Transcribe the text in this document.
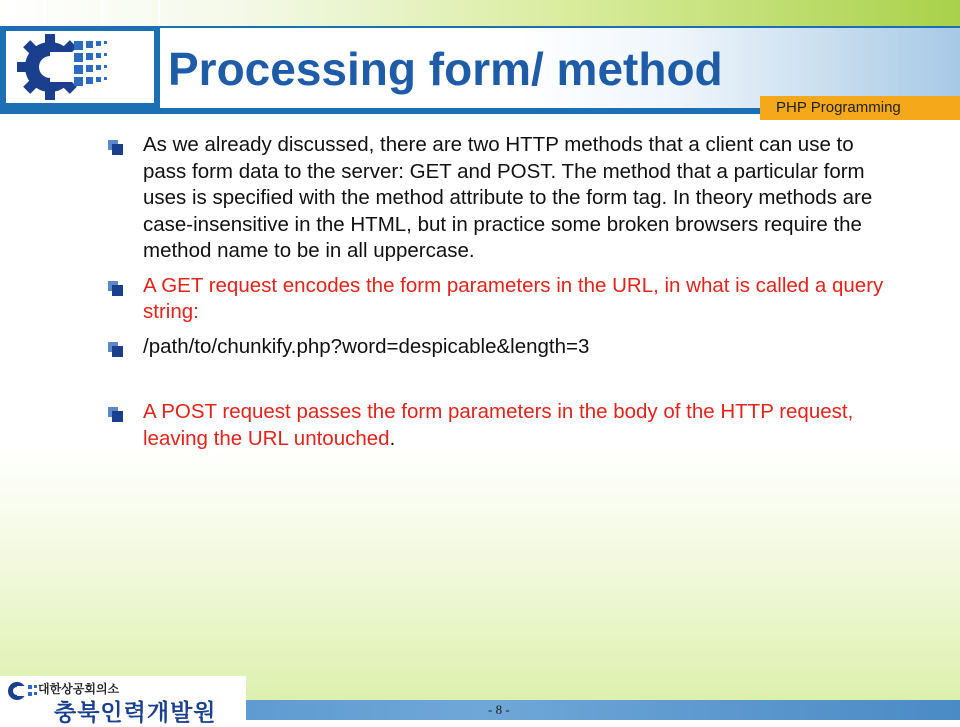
Processing form/ method
PHP Programming
As we already discussed, there are two HTTP methods that a client can use to pass form data to the server: GET and POST. The method that a particular form uses is specified with the method attribute to the form tag. In theory methods are case-insensitive in the HTML, but in practice some broken browsers require the method name to be in all uppercase.
A GET request encodes the form parameters in the URL, in what is called a query string:
/path/to/chunkify.php?word=despicable&length=3
A POST request passes the form parameters in the body of the HTTP request, leaving the URL untouched.
대한상공회의소
충북인력개발원	- 8 -
